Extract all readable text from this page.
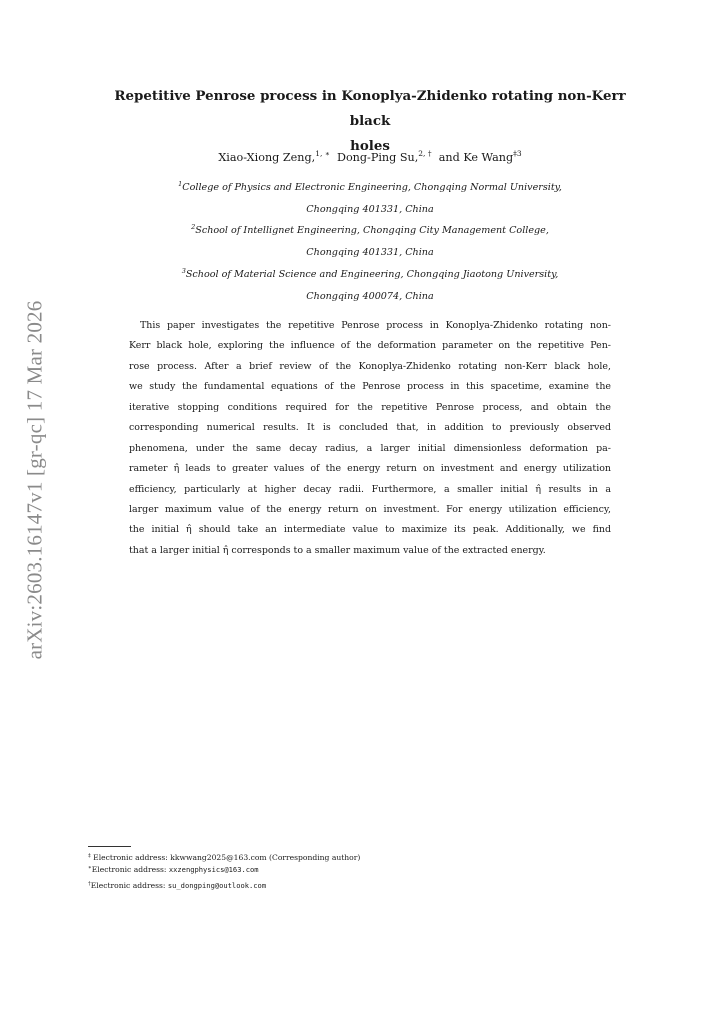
arXiv:2603.16147v1 [gr-qc] 17 Mar 2026
Repetitive Penrose process in Konoplya-Zhidenko rotating non-Kerr black
holes
Xiao-Xiong Zeng,$^{1, ∗}$ Dong-Ping Su,$^{2, \dagger}$ and Ke Wang$^{\ddagger 3}$
$^1$College of Physics and Electronic Engineering, Chongqing Normal University,
Chongqing 401331, China
$^2$School of Intellignet Engineering, Chongqing City Management College,
Chongqing 401331, China
$^3$School of Material Science and Engineering, Chongqing Jiaotong University,
Chongqing 400074, China
This paper investigates the repetitive Penrose process in Konoplya-Zhidenko rotating non-
Kerr black hole, exploring the influence of the deformation parameter on the repetitive Pen-
rose process. After a brief review of the Konoplya-Zhidenko rotating non-Kerr black hole,
we study the fundamental equations of the Penrose process in this spacetime, examine the
iterative stopping conditions required for the repetitive Penrose process, and obtain the
corresponding numerical results. It is concluded that, in addition to previously observed
phenomena, under the same decay radius, a larger initial dimensionless deformation pa-
rameter η̂ leads to greater values of the energy return on investment and energy utilization
efficiency, particularly at higher decay radii. Furthermore, a smaller initial η̂ results in a
larger maximum value of the energy return on investment. For energy utilization efficiency,
the initial η̂ should take an intermediate value to maximize its peak. Additionally, we find
that a larger initial η̂ corresponds to a smaller maximum value of the extracted energy.
‡ Electronic address: kkwwang2025@163.com (Corresponding author)
∗Electronic address: xxzengphysics@163.com
†Electronic address: su_dongping@outlook.com
